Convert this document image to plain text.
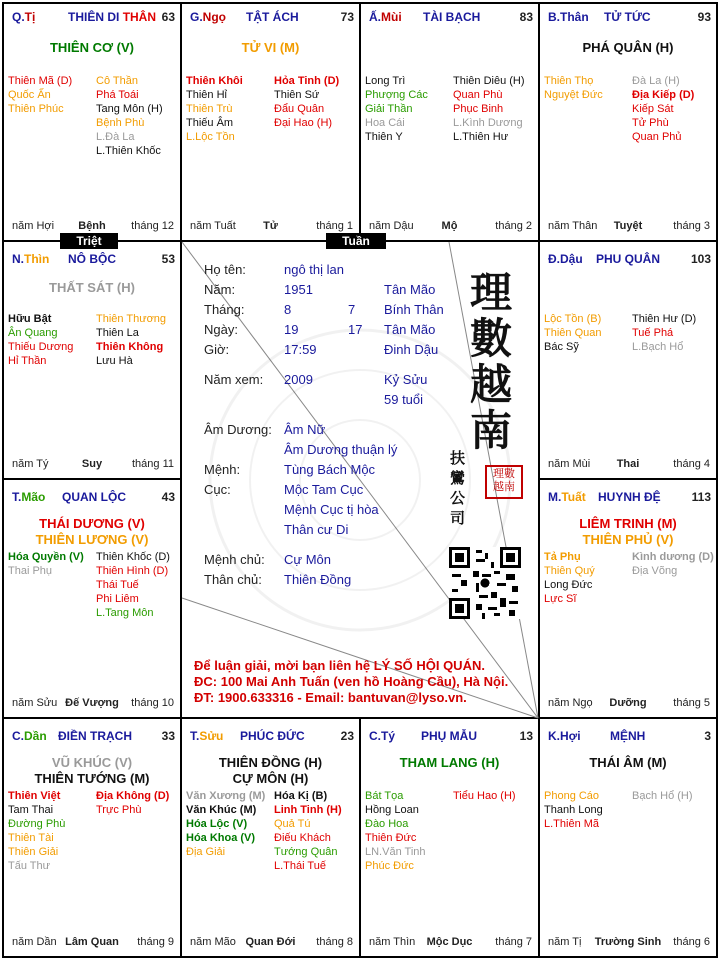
Q.Tị	THIÊN DI THÂN 63
THIÊN CƠ (V)
Thiên Mã (D)
Quốc Ấn
Thiên Phúc
Cô Thần
Phá Toái
Tang Môn (H)
Bệnh Phù
L.Đà La
L.Thiên Khốc
năm Hợi	Bệnh	tháng 12
G.Ngọ TẬT ÁCH	73
TỬ VI (M)
Thiên Khôi
Thiên Hỉ
Thiên Trù
Thiếu Âm
L.Lộc Tồn
Hỏa Tinh (D)
Thiên Sứ
Đẩu Quân
Đại Hao (H)
năm Tuất	Tử	tháng 1
Ấ.Mùi TÀI BẠCH	83
Long Trì
Phượng Các
Giải Thần
Hoa Cái
Thiên Y
Thiên Diêu (H)
Quan Phù
Phục Binh
L.Kình Dương
L.Thiên Hư
năm Dậu	Mộ	tháng 2
B.Thân TỬ TỨC	93
PHÁ QUÂN (H)
Thiên Thọ
Nguyệt Đức
Đà La (H)
Địa Kiếp (D)
Kiếp Sát
Tử Phù
Quan Phủ
năm Thân	Tuyệt	tháng 3
N.Thìn NÔ BỘC	53
THẤT SÁT (H)
Hữu Bật
Ân Quang
Thiếu Dương
Hỉ Thần
Thiên Thương
Thiên La
Thiên Không
Lưu Hà
năm Tý	Suy	tháng 11
Đ.Dậu PHU QUÂN	103
Lộc Tồn (B)
Thiên Quan
Bác Sỹ
Thiên Hư (D)
Tuế Phá
L.Bạch Hổ
năm Mùi	Thai	tháng 4
T.Mão QUAN LỘC	43
THÁI DƯƠNG (V)
THIÊN LƯƠNG (V)
Hóa Quyền (V)
Thai Phụ
Thiên Khốc (D)
Thiên Hình (D)
Thái Tuế
Phi Liêm
L.Tang Môn
năm Sửu Đế Vượng	tháng 10
M.Tuất HUYNH ĐỆ	113
LIÊM TRINH (M)
THIÊN PHỦ (V)
Tả Phụ
Thiên Quý
Long Đức
Lực Sĩ
Kình dương (D)
Địa Võng
năm Ngọ	Dưỡng	tháng 5
C.Dần ĐIỀN TRẠCH 33
VŨ KHÚC (V)
THIÊN TƯỚNG (M)
Thiên Việt
Tam Thai
Đường Phù
Thiên Tài
Thiên Giải
Tấu Thư
Địa Không (D)
Trực Phù
năm Dần Lâm Quan	tháng 9
T.Sửu PHÚC ĐỨC	23
THIÊN ĐỒNG (H)
CỰ MÔN (H)
Văn Xương (M)
Văn Khúc (M)
Hóa Lộc (V)
Hóa Khoa (V)
Địa Giải
Hóa Kị (B)
Linh Tinh (H)
Quả Tú
Điếu Khách
Tướng Quân
L.Thái Tuế
năm Mão Quan Đới	tháng 8
C.Tý PHỤ MẪU	13
THAM LANG (H)
Bát Tọa
Hồng Loan
Đào Hoa
Thiên Đức
LN.Văn Tinh
Phúc Đức
Tiểu Hao (H)
năm Thìn	Mộc Dục	tháng 7
K.Hợi MỆNH	3
THÁI ÂM (M)
Phong Cáo
Thanh Long
L.Thiên Mã
Bạch Hổ (H)
năm Tị	Trường Sinh	tháng 6
Triệt	Tuần
Họ tên:	ngô thị lan
Năm:	1951	Tân Mão
Tháng:	8	7 Bính Thân
Ngày:	19	17 Tân Mão
Giờ:	17:59	Đinh Dậu
Năm xem: 2009	Kỷ Sửu
59 tuổi
Âm Dương: Âm Nữ
Âm Dương thuận lý
Mệnh:	Tùng Bách Mộc
Cục:	Mộc Tam Cục
Mệnh Cục tị hòa
Thân cư Di
Mệnh chủ: Cự Môn
Thân chủ: Thiên Đồng
理
數
越
南
扶
鸞
公
司
理數
越南
Để luận giải, mời bạn liên hệ LÝ SỐ HỘI QUÁN.
ĐC: 100 Mai Anh Tuấn (ven hồ Hoàng Cầu), Hà Nội.
ĐT: 1900.633316 - Email: bantuvan@lyso.vn.
